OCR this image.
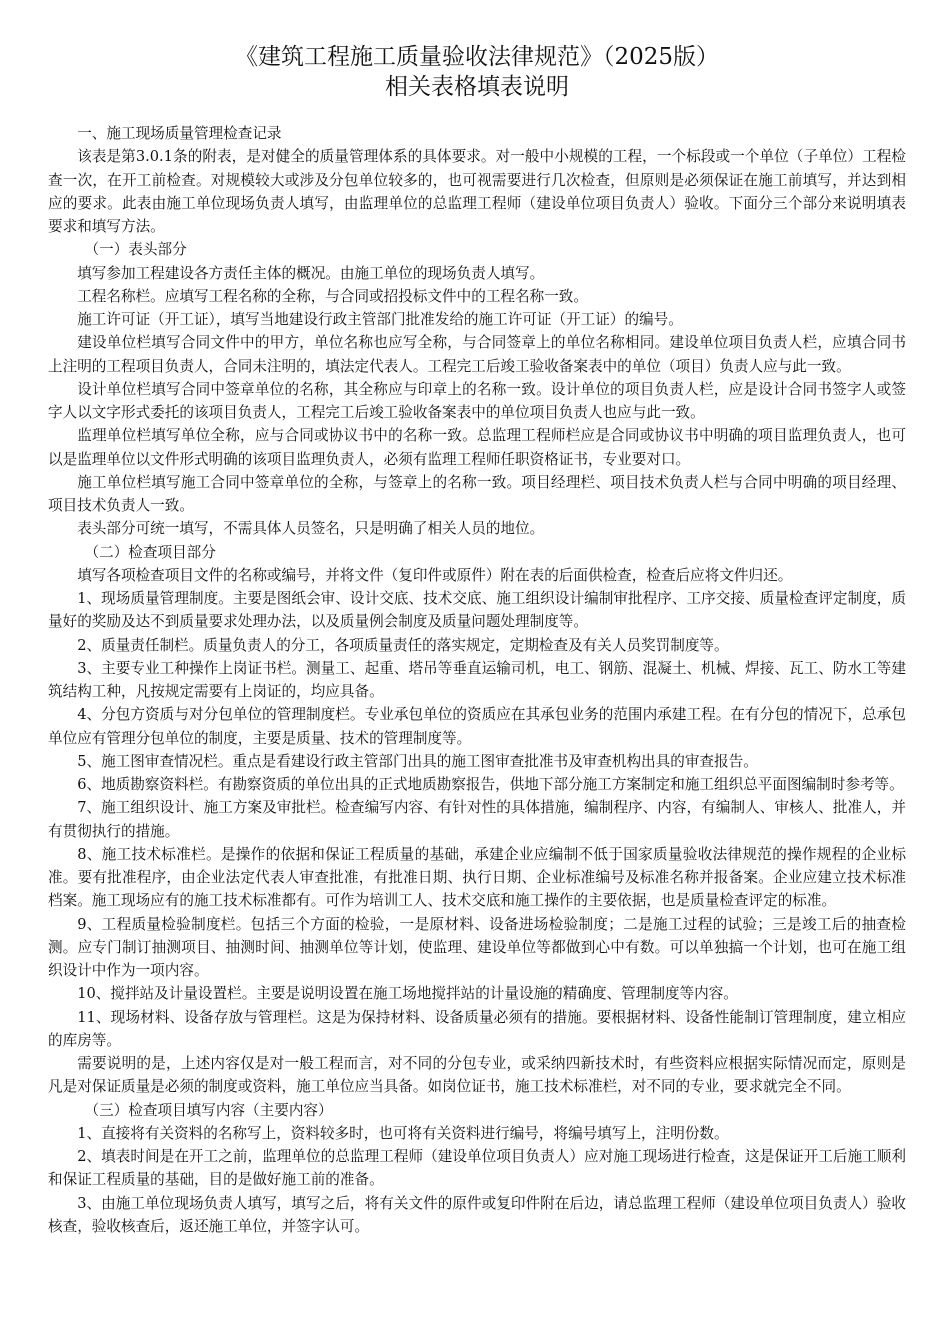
《建筑工程施工质量验收法律规范》（2025版）
相关表格填表说明

一、施工现场质量管理检查记录

该表是第3.0.1条的附表，是对健全的质量管理体系的具体要求。对一般中小规模的工程，一个标段或一个单位（子单位）工程检查一次，在开工前检查。对规模较大或涉及分包单位较多的，也可视需要进行几次检查，但原则是必须保证在施工前填写，并达到相应的要求。此表由施工单位现场负责人填写，由监理单位的总监理工程师（建设单位项目负责人）验收。下面分三个部分来说明填表要求和填写方法。

（一）表头部分

填写参加工程建设各方责任主体的概况。由施工单位的现场负责人填写。

工程名称栏。应填写工程名称的全称，与合同或招投标文件中的工程名称一致。

施工许可证（开工证），填写当地建设行政主管部门批准发给的施工许可证（开工证）的编号。

建设单位栏填写合同文件中的甲方，单位名称也应写全称，与合同签章上的单位名称相同。建设单位项目负责人栏，应填合同书上注明的工程项目负责人，合同未注明的，填法定代表人。工程完工后竣工验收备案表中的单位（项目）负责人应与此一致。

设计单位栏填写合同中签章单位的名称，其全称应与印章上的名称一致。设计单位的项目负责人栏，应是设计合同书签字人或签字人以文字形式委托的该项目负责人，工程完工后竣工验收备案表中的单位项目负责人也应与此一致。

监理单位栏填写单位全称，应与合同或协议书中的名称一致。总监理工程师栏应是合同或协议书中明确的项目监理负责人，也可以是监理单位以文件形式明确的该项目监理负责人，必须有监理工程师任职资格证书，专业要对口。

施工单位栏填写施工合同中签章单位的全称，与签章上的名称一致。项目经理栏、项目技术负责人栏与合同中明确的项目经理、项目技术负责人一致。

表头部分可统一填写，不需具体人员签名，只是明确了相关人员的地位。

（二）检查项目部分

填写各项检查项目文件的名称或编号，并将文件（复印件或原件）附在表的后面供检查，检查后应将文件归还。

1、现场质量管理制度。主要是图纸会审、设计交底、技术交底、施工组织设计编制审批程序、工序交接、质量检查评定制度，质量好的奖励及达不到质量要求处理办法，以及质量例会制度及质量问题处理制度等。

2、质量责任制栏。质量负责人的分工，各项质量责任的落实规定，定期检查及有关人员奖罚制度等。

3、主要专业工种操作上岗证书栏。测量工、起重、塔吊等垂直运输司机，电工、钢筋、混凝土、机械、焊接、瓦工、防水工等建筑结构工种，凡按规定需要有上岗证的，均应具备。

4、分包方资质与对分包单位的管理制度栏。专业承包单位的资质应在其承包业务的范围内承建工程。在有分包的情况下，总承包单位应有管理分包单位的制度，主要是质量、技术的管理制度等。

5、施工图审查情况栏。重点是看建设行政主管部门出具的施工图审查批准书及审查机构出具的审查报告。

6、地质勘察资料栏。有勘察资质的单位出具的正式地质勘察报告，供地下部分施工方案制定和施工组织总平面图编制时参考等。

7、施工组织设计、施工方案及审批栏。检查编写内容、有针对性的具体措施，编制程序、内容，有编制人、审核人、批准人，并有贯彻执行的措施。

8、施工技术标准栏。是操作的依据和保证工程质量的基础，承建企业应编制不低于国家质量验收法律规范的操作规程的企业标准。要有批准程序，由企业法定代表人审查批准，有批准日期、执行日期、企业标准编号及标准名称并报备案。企业应建立技术标准档案。施工现场应有的施工技术标准都有。可作为培训工人、技术交底和施工操作的主要依据，也是质量检查评定的标准。

9、工程质量检验制度栏。包括三个方面的检验，一是原材料、设备进场检验制度；二是施工过程的试验；三是竣工后的抽查检测。应专门制订抽测项目、抽测时间、抽测单位等计划，使监理、建设单位等都做到心中有数。可以单独搞一个计划，也可在施工组织设计中作为一项内容。

10、搅拌站及计量设置栏。主要是说明设置在施工场地搅拌站的计量设施的精确度、管理制度等内容。

11、现场材料、设备存放与管理栏。这是为保持材料、设备质量必须有的措施。要根据材料、设备性能制订管理制度，建立相应的库房等。

需要说明的是，上述内容仅是对一般工程而言，对不同的分包专业，或采纳四新技术时，有些资料应根据实际情况而定，原则是凡是对保证质量是必须的制度或资料，施工单位应当具备。如岗位证书，施工技术标准栏，对不同的专业，要求就完全不同。

（三）检查项目填写内容（主要内容）

1、直接将有关资料的名称写上，资料较多时，也可将有关资料进行编号，将编号填写上，注明份数。

2、填表时间是在开工之前，监理单位的总监理工程师（建设单位项目负责人）应对施工现场进行检查，这是保证开工后施工顺利和保证工程质量的基础，目的是做好施工前的准备。

3、由施工单位现场负责人填写，填写之后，将有关文件的原件或复印件附在后边，请总监理工程师（建设单位项目负责人）验收核查，验收核查后，返还施工单位，并签字认可。
